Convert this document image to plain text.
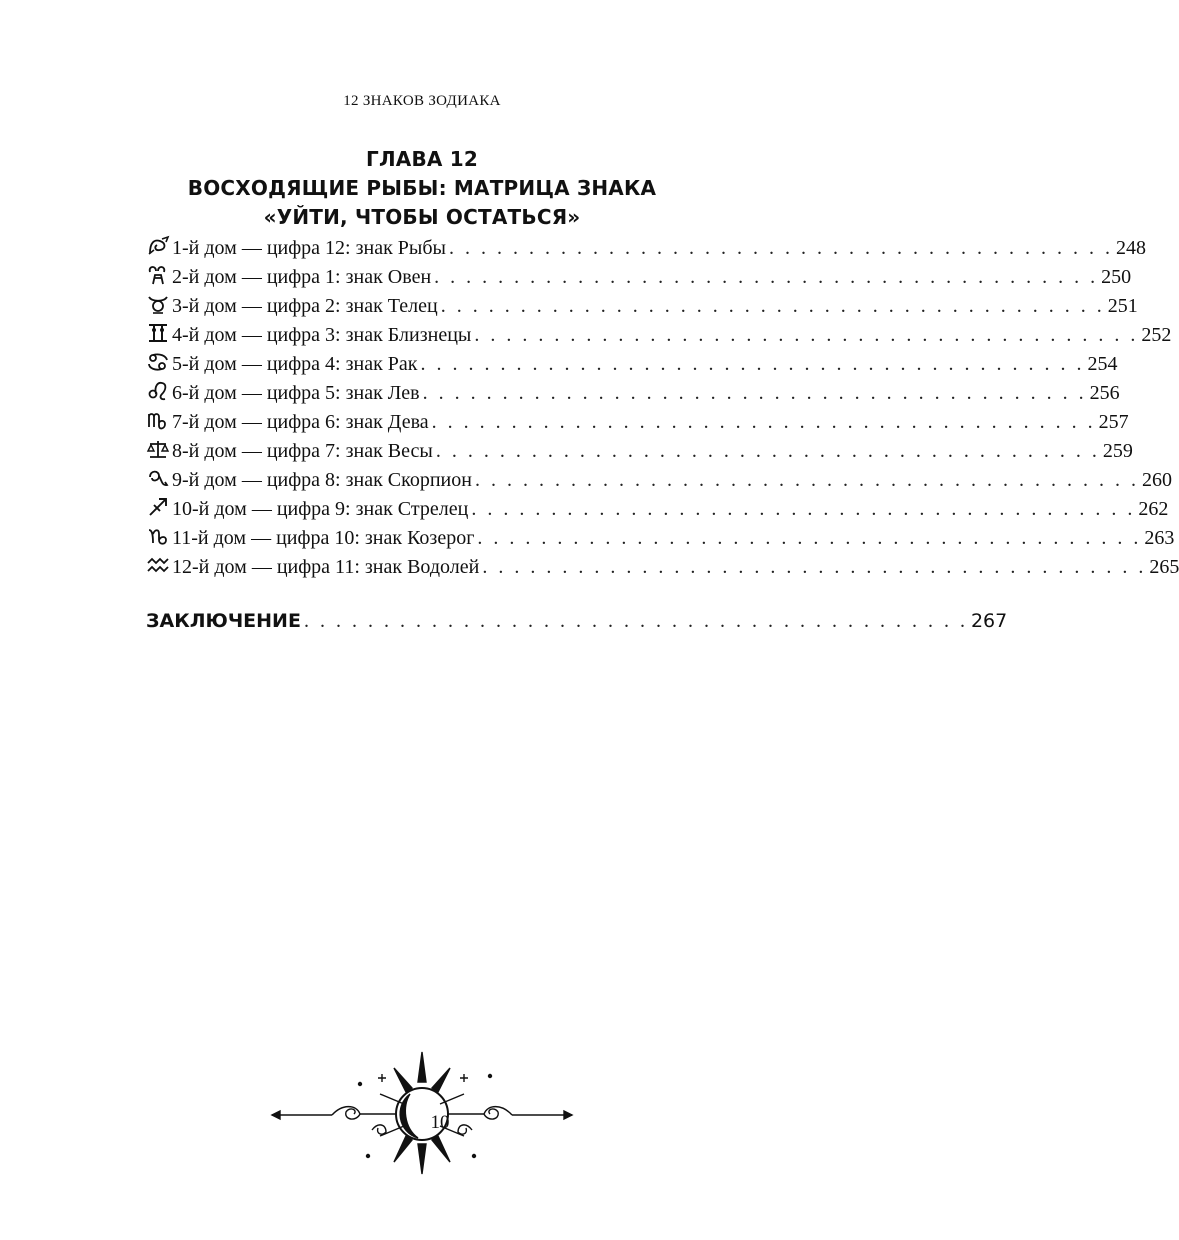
12 ЗНАКОВ ЗОДИАКА
ГЛАВА 12
ВОСХОДЯЩИЕ РЫБЫ: МАТРИЦА ЗНАКА
«УЙТИ, ЧТОБЫ ОСТАТЬСЯ»
1-й дом — цифра 12: знак Рыбы . . . . . . . . . . . . . . . . . . . . . . . . . . . . . . . . . . . . . . . . . . 248
2-й дом — цифра 1: знак Овен . . . . . . . . . . . . . . . . . . . . . . . . . . . . . . . . . . . . . . . . . . 250
3-й дом — цифра 2: знак Телец . . . . . . . . . . . . . . . . . . . . . . . . . . . . . . . . . . . . . . . . . . 251
4-й дом — цифра 3: знак Близнецы . . . . . . . . . . . . . . . . . . . . . . . . . . . . . . . . . . . . . . . . . . 252
5-й дом — цифра 4: знак Рак . . . . . . . . . . . . . . . . . . . . . . . . . . . . . . . . . . . . . . . . . . 254
6-й дом — цифра 5: знак Лев . . . . . . . . . . . . . . . . . . . . . . . . . . . . . . . . . . . . . . . . . . 256
7-й дом — цифра 6: знак Дева . . . . . . . . . . . . . . . . . . . . . . . . . . . . . . . . . . . . . . . . . . 257
8-й дом — цифра 7: знак Весы . . . . . . . . . . . . . . . . . . . . . . . . . . . . . . . . . . . . . . . . . . 259
9-й дом — цифра 8: знак Скорпион . . . . . . . . . . . . . . . . . . . . . . . . . . . . . . . . . . . . . . . . . . 260
10-й дом — цифра 9: знак Стрелец . . . . . . . . . . . . . . . . . . . . . . . . . . . . . . . . . . . . . . . . . . 262
11-й дом — цифра 10: знак Козерог . . . . . . . . . . . . . . . . . . . . . . . . . . . . . . . . . . . . . . . . . . 263
12-й дом — цифра 11: знак Водолей . . . . . . . . . . . . . . . . . . . . . . . . . . . . . . . . . . . . . . . . . . 265
ЗАКЛЮЧЕНИЕ . . . . . . . . . . . . . . . . . . . . . . . . . . . . . . . . . . . . . . . . . . 267
10
